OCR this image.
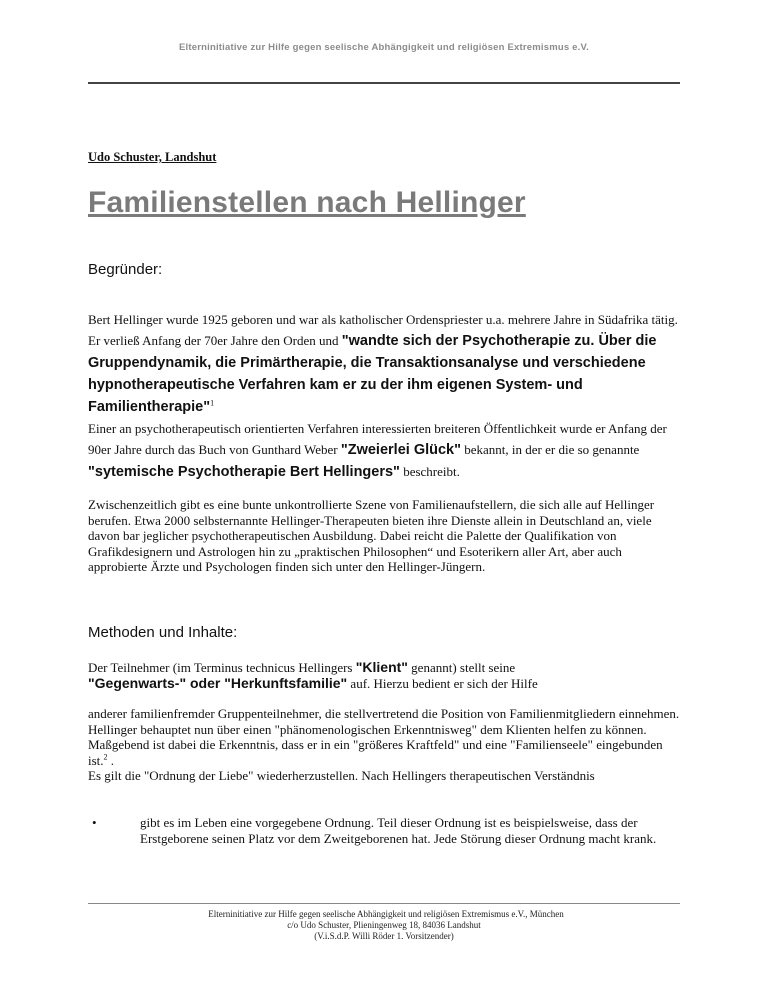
Elterninitiative zur Hilfe gegen seelische Abhängigkeit und religiösen Extremismus e.V.
Udo Schuster, Landshut
Familienstellen nach Hellinger
Begründer:
Bert Hellinger wurde 1925 geboren und war als katholischer Ordenspriester u.a. mehrere Jahre in Südafrika tätig. Er verließ Anfang der 70er Jahre den Orden und "wandte sich der Psychotherapie zu. Über die Gruppendynamik, die Primärtherapie, die Transaktionsanalyse und verschiedene hypnotherapeutische Verfahren kam er zu der ihm eigenen System- und Familientherapie"$^1$
Einer an psychotherapeutisch orientierten Verfahren interessierten breiteren Öffentlichkeit wurde er Anfang der 90er Jahre durch das Buch von Gunthard Weber "Zweierlei Glück" bekannt, in der er die so genannte "sytemische Psychotherapie Bert Hellingers" beschreibt.
Zwischenzeitlich gibt es eine bunte unkontrollierte Szene von Familienaufstellern, die sich alle auf Hellinger berufen. Etwa 2000 selbsternannte Hellinger-Therapeuten bieten ihre Dienste allein in Deutschland an, viele davon bar jeglicher psychotherapeutischen Ausbildung. Dabei reicht die Palette der Qualifikation von Grafikdesignern und Astrologen hin zu „praktischen Philosophen“ und Esoterikern aller Art, aber auch approbierte Ärzte und Psychologen finden sich unter den Hellinger-Jüngern.
Methoden und Inhalte:
Der Teilnehmer (im Terminus technicus Hellingers "Klient" genannt) stellt seine
"Gegenwarts-" oder "Herkunftsfamilie" auf. Hierzu bedient er sich der Hilfe
anderer familienfremder Gruppenteilnehmer, die stellvertretend die Position von Familienmitgliedern einnehmen.
Hellinger behauptet nun über einen "phänomenologischen Erkenntnisweg" dem Klienten helfen zu können. Maßgebend ist dabei die Erkenntnis, dass er in ein "größeres Kraftfeld" und eine "Familienseele" eingebunden ist.$^2$ .
Es gilt die "Ordnung der Liebe" wiederherzustellen. Nach Hellingers therapeutischen Verständnis
•	gibt es im Leben eine vorgegebene Ordnung. Teil dieser Ordnung ist es beispielsweise, dass der Erstgeborene seinen Platz vor dem Zweitgeborenen hat. Jede Störung dieser Ordnung macht krank.
Elterninitiative zur Hilfe gegen seelische Abhängigkeit und religiösen Extremismus e.V., München
c/o Udo Schuster, Plieningenweg 18, 84036 Landshut
(V.i.S.d.P. Willi Röder 1. Vorsitzender)
